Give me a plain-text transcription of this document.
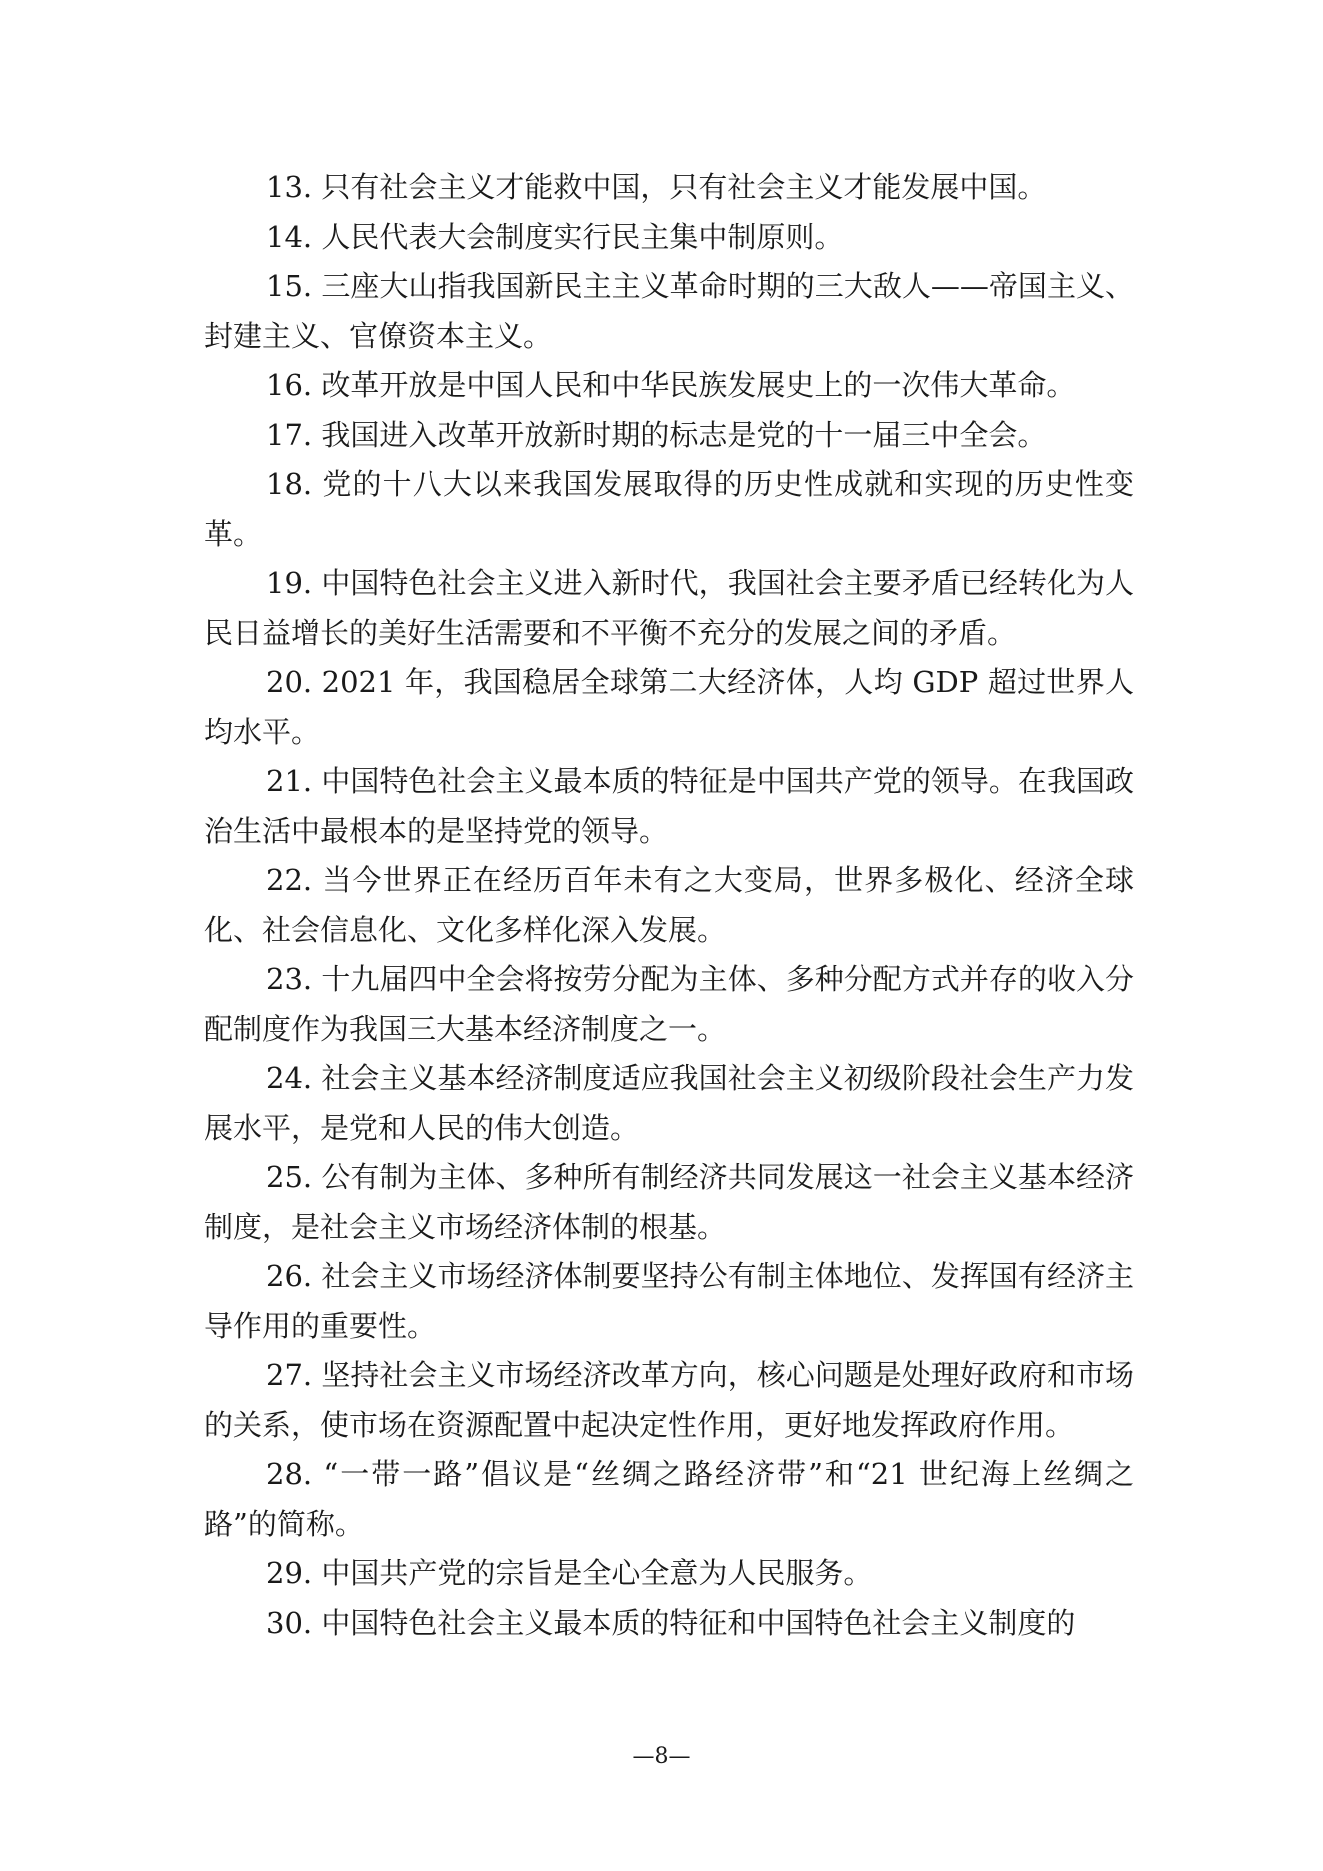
13. 只有社会主义才能救中国，只有社会主义才能发展中国。

14. 人民代表大会制度实行民主集中制原则。

15. 三座大山指我国新民主主义革命时期的三大敌人——帝国主义、封建主义、官僚资本主义。

16. 改革开放是中国人民和中华民族发展史上的一次伟大革命。

17. 我国进入改革开放新时期的标志是党的十一届三中全会。

18. 党的十八大以来我国发展取得的历史性成就和实现的历史性变革。

19. 中国特色社会主义进入新时代，我国社会主要矛盾已经转化为人民日益增长的美好生活需要和不平衡不充分的发展之间的矛盾。

20. 2021 年，我国稳居全球第二大经济体，人均 GDP 超过世界人均水平。

21. 中国特色社会主义最本质的特征是中国共产党的领导。在我国政治生活中最根本的是坚持党的领导。

22. 当今世界正在经历百年未有之大变局，世界多极化、经济全球化、社会信息化、文化多样化深入发展。

23. 十九届四中全会将按劳分配为主体、多种分配方式并存的收入分配制度作为我国三大基本经济制度之一。

24. 社会主义基本经济制度适应我国社会主义初级阶段社会生产力发展水平，是党和人民的伟大创造。

25. 公有制为主体、多种所有制经济共同发展这一社会主义基本经济制度，是社会主义市场经济体制的根基。

26. 社会主义市场经济体制要坚持公有制主体地位、发挥国有经济主导作用的重要性。

27. 坚持社会主义市场经济改革方向，核心问题是处理好政府和市场的关系，使市场在资源配置中起决定性作用，更好地发挥政府作用。

28. “一带一路”倡议是“丝绸之路经济带”和“21 世纪海上丝绸之路”的简称。

29. 中国共产党的宗旨是全心全意为人民服务。

30. 中国特色社会主义最本质的特征和中国特色社会主义制度的

—8—
